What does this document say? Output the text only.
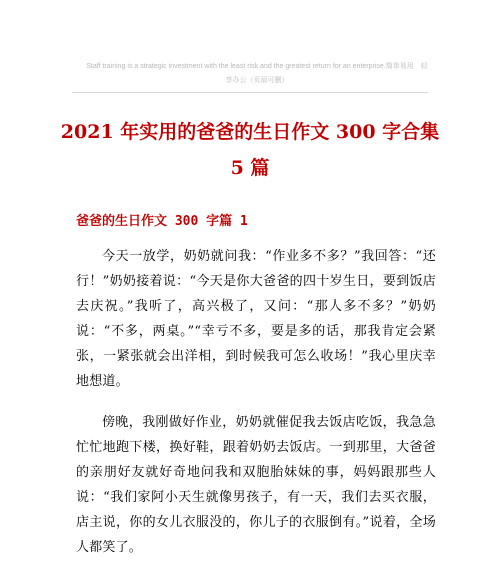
Staff training is a strategic investment with the least risk and the greatest return for an enterprise.简单易用　轻
享办公（页眉可删）
2021 年实用的爸爸的生日作文 300 字合集 5 篇
爸爸的生日作文 300 字篇 1

今天一放学，奶奶就问我：“作业多不多？”我回答：“还行！”奶奶接着说：“今天是你大爸爸的四十岁生日，要到饭店去庆祝。”我听了，高兴极了，又问：“那人多不多？”奶奶说：“不多，两桌。”“幸亏不多，要是多的话，那我肯定会紧张，一紧张就会出洋相，到时候我可怎么收场！”我心里庆幸地想道。

傍晚，我刚做好作业，奶奶就催促我去饭店吃饭，我急急忙忙地跑下楼，换好鞋，跟着奶奶去饭店。一到那里，大爸爸的亲朋好友就好奇地问我和双胞胎妹妹的事，妈妈跟那些人说：“我们家阿小天生就像男孩子，有一天，我们去买衣服，店主说，你的女儿衣服没的，你儿子的衣服倒有。”说着，全场人都笑了。
